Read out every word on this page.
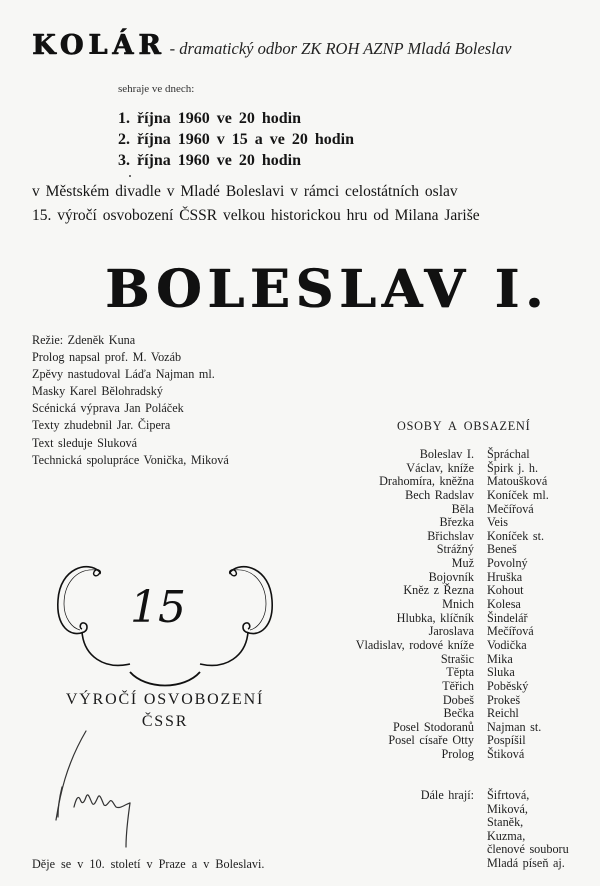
KOLÁR - dramatický odbor ZK ROH AZNP Mladá Boleslav
sehraje ve dnech:
1. října 1960 ve 20 hodin
2. října 1960 v 15 a ve 20 hodin
3. října 1960 ve 20 hodin
v Městském divadle v Mladé Boleslavi v rámci celostátních oslav
15. výročí osvobození ČSSR velkou historickou hru od Milana Jariše
BOLESLAV I.
Režie: Zdeněk Kuna
Prolog napsal prof. M. Vozáb
Zpěvy nastudoval Láďa Najman ml.
Masky Karel Bělohradský
Scénická výprava Jan Poláček
Texty zhudebnil Jar. Čipera
Text sleduje Sluková
Technická spolupráce Vonička, Miková
OSOBY A OBSAZENÍ
Boleslav I. Špráchal
Václav, kníže Špirk j. h.
Drahomíra, kněžna Matoušková
Bech Radslav Koníček ml.
Běla Mečířová
Březka Veis
Břichslav Koníček st.
Strážný Beneš
Muž Povolný
Bojovník Hruška
Kněz z Řezna Kohout
Mnich Kolesa
Hlubka, klíčník Šindelář
Jaroslava Mečířová
Vladislav, rodové kníže Vodička
Strašic Mika
Těpta Sluka
Těřich Poběský
Dobeš Prokeš
Bečka Reichl
Posel Stodoranů Najman st.
Posel císaře Otty Pospíšil
Prolog Štiková
Dále hrají: Šifrtová,
Miková,
Staněk,
Kuzma,
členové souboru
Mladá píseň aj.
15
VÝROČÍ OSVOBOZENÍ
ČSSR
Děje se v 10. století v Praze a v Boleslavi.
